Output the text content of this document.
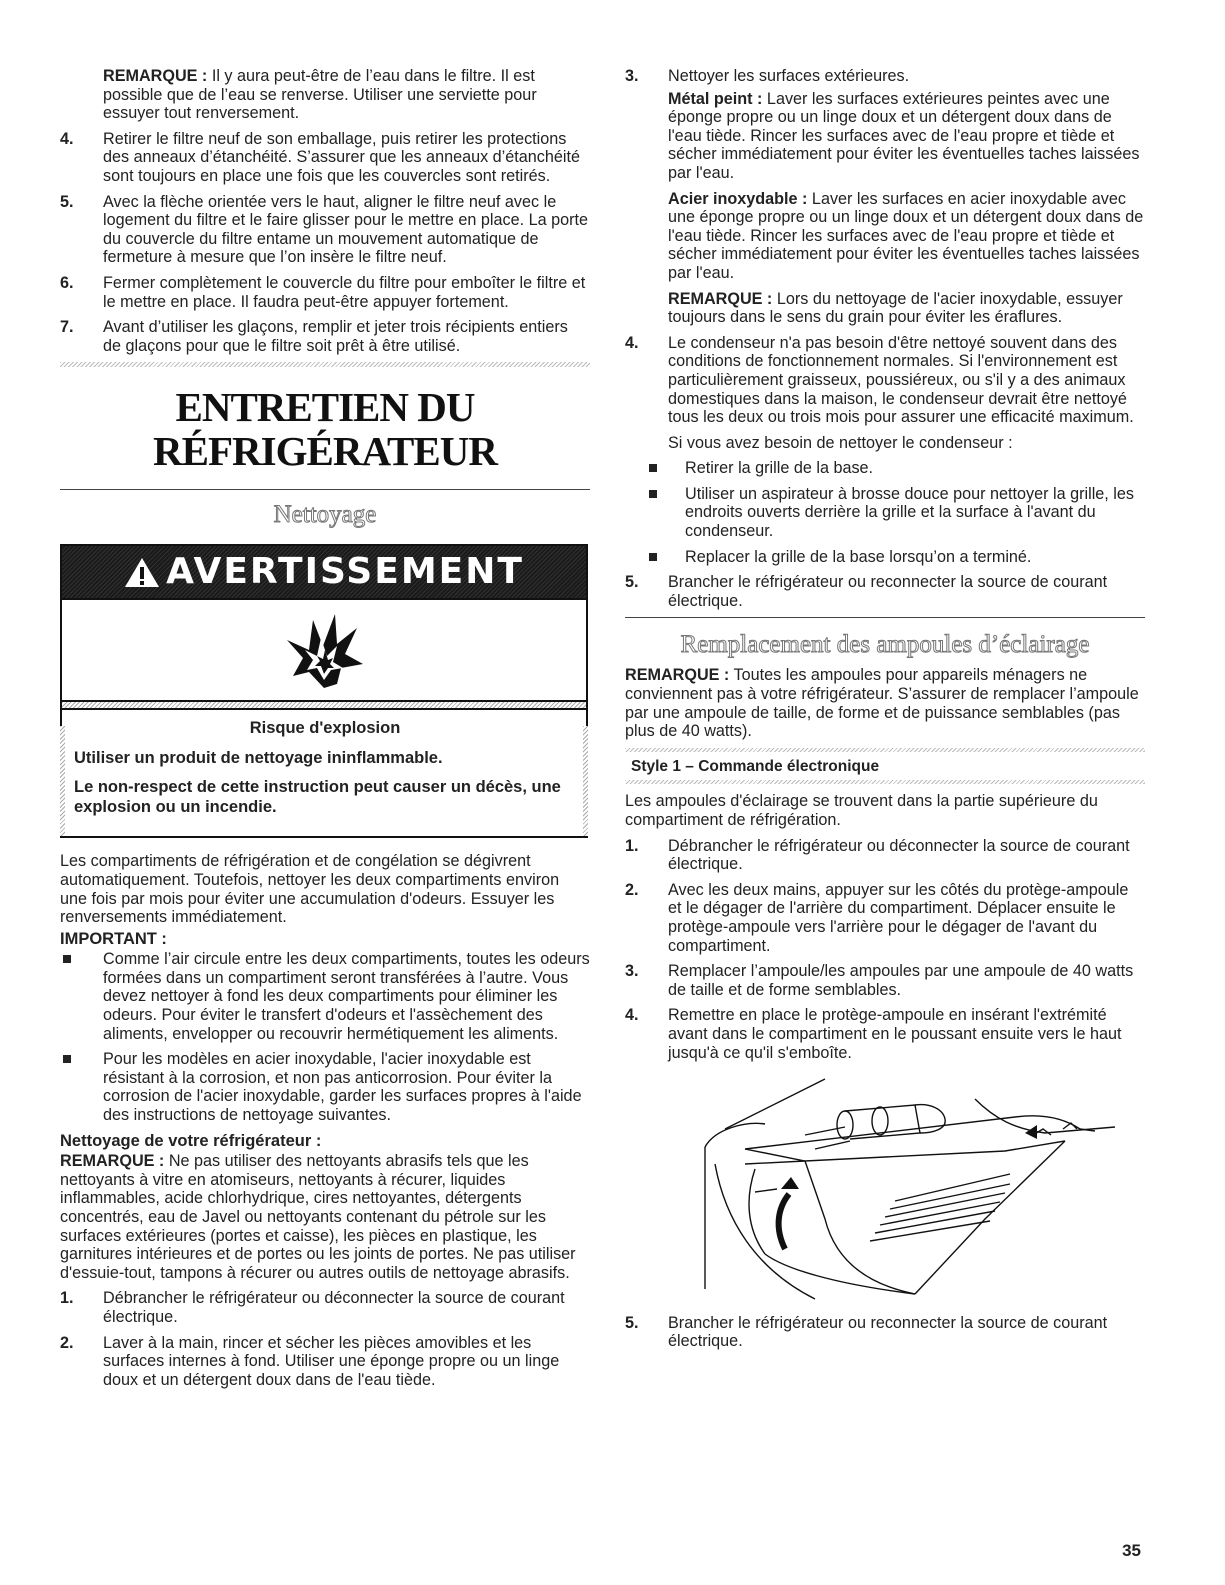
REMARQUE : Il y aura peut-être de l’eau dans le filtre. Il est possible que de l’eau se renverse. Utiliser une serviette pour essuyer tout renversement.

4. Retirer le filtre neuf de son emballage, puis retirer les protections des anneaux d’étanchéité. S’assurer que les anneaux d’étanchéité sont toujours en place une fois que les couvercles sont retirés.
5. Avec la flèche orientée vers le haut, aligner le filtre neuf avec le logement du filtre et le faire glisser pour le mettre en place. La porte du couvercle du filtre entame un mouvement automatique de fermeture à mesure que l’on insère le filtre neuf.
6. Fermer complètement le couvercle du filtre pour emboîter le filtre et le mettre en place. Il faudra peut-être appuyer fortement.
7. Avant d’utiliser les glaçons, remplir et jeter trois récipients entiers de glaçons pour que le filtre soit prêt à être utilisé.
ENTRETIEN DU
RÉFRIGÉRATEUR
Nettoyage
AVERTISSEMENT
Risque d'explosion

Utiliser un produit de nettoyage ininflammable.

Le non-respect de cette instruction peut causer un décès, une explosion ou un incendie.

Les compartiments de réfrigération et de congélation se dégivrent automatiquement. Toutefois, nettoyer les deux compartiments environ une fois par mois pour éviter une accumulation d'odeurs. Essuyer les renversements immédiatement.

IMPORTANT :
Comme l’air circule entre les deux compartiments, toutes les odeurs formées dans un compartiment seront transférées à l’autre. Vous devez nettoyer à fond les deux compartiments pour éliminer les odeurs. Pour éviter le transfert d'odeurs et l'assèchement des aliments, envelopper ou recouvrir hermétiquement les aliments.
Pour les modèles en acier inoxydable, l'acier inoxydable est résistant à la corrosion, et non pas anticorrosion. Pour éviter la corrosion de l'acier inoxydable, garder les surfaces propres à l'aide des instructions de nettoyage suivantes.
Nettoyage de votre réfrigérateur :

REMARQUE : Ne pas utiliser des nettoyants abrasifs tels que les nettoyants à vitre en atomiseurs, nettoyants à récurer, liquides inflammables, acide chlorhydrique, cires nettoyantes, détergents concentrés, eau de Javel ou nettoyants contenant du pétrole sur les surfaces extérieures (portes et caisse), les pièces en plastique, les garnitures intérieures et de portes ou les joints de portes. Ne pas utiliser d'essuie-tout, tampons à récurer ou autres outils de nettoyage abrasifs.

1. Débrancher le réfrigérateur ou déconnecter la source de courant électrique.
2. Laver à la main, rincer et sécher les pièces amovibles et les surfaces internes à fond. Utiliser une éponge propre ou un linge doux et un détergent doux dans de l'eau tiède.
3. Nettoyer les surfaces extérieures.

Métal peint : Laver les surfaces extérieures peintes avec une éponge propre ou un linge doux et un détergent doux dans de l'eau tiède. Rincer les surfaces avec de l'eau propre et tiède et sécher immédiatement pour éviter les éventuelles taches laissées par l'eau.

Acier inoxydable : Laver les surfaces en acier inoxydable avec une éponge propre ou un linge doux et un détergent doux dans de l'eau tiède. Rincer les surfaces avec de l'eau propre et tiède et sécher immédiatement pour éviter les éventuelles taches laissées par l'eau.

REMARQUE : Lors du nettoyage de l'acier inoxydable, essuyer toujours dans le sens du grain pour éviter les éraflures.

4. Le condenseur n'a pas besoin d'être nettoyé souvent dans des conditions de fonctionnement normales. Si l'environnement est particulièrement graisseux, poussiéreux, ou s'il y a des animaux domestiques dans la maison, le condenseur devrait être nettoyé tous les deux ou trois mois pour assurer une efficacité maximum.

Si vous avez besoin de nettoyer le condenseur :

Retirer la grille de la base.
Utiliser un aspirateur à brosse douce pour nettoyer la grille, les endroits ouverts derrière la grille et la surface à l'avant du condenseur.
Replacer la grille de la base lorsqu’on a terminé.
5. Brancher le réfrigérateur ou reconnecter la source de courant électrique.
Remplacement des ampoules d’éclairage

REMARQUE : Toutes les ampoules pour appareils ménagers ne conviennent pas à votre réfrigérateur. S’assurer de remplacer l’ampoule par une ampoule de taille, de forme et de puissance semblables (pas plus de 40 watts).

Style 1 – Commande électronique

Les ampoules d'éclairage se trouvent dans la partie supérieure du compartiment de réfrigération.

1. Débrancher le réfrigérateur ou déconnecter la source de courant électrique.
2. Avec les deux mains, appuyer sur les côtés du protège-ampoule et le dégager de l'arrière du compartiment. Déplacer ensuite le protège-ampoule vers l'arrière pour le dégager de l'avant du compartiment.
3. Remplacer l’ampoule/les ampoules par une ampoule de 40 watts de taille et de forme semblables.
4. Remettre en place le protège-ampoule en insérant l'extrémité avant dans le compartiment en le poussant ensuite vers le haut jusqu'à ce qu'il s'emboîte.
5. Brancher le réfrigérateur ou reconnecter la source de courant électrique.
35
